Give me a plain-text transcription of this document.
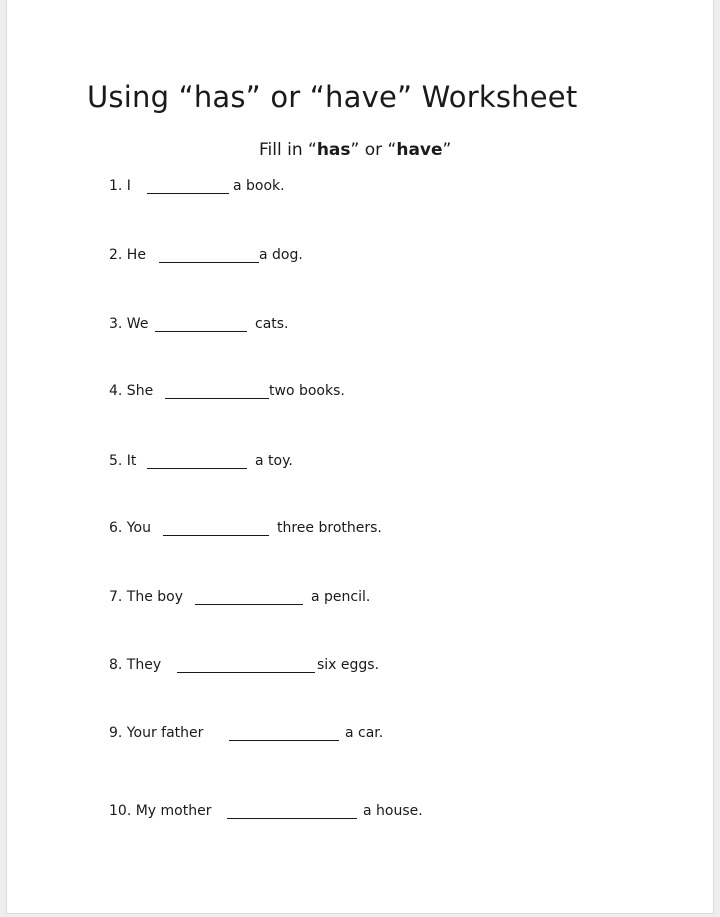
Using “has” or “have” Worksheet
Fill in “has” or “have”
1. I	a book.
2. He	a dog.
3. We	cats.
4. She	two books.
5. It	a toy.
6. You	three brothers.
7. The boy	a pencil.
8. They	six eggs.
9. Your father	a car.
10. My mother	a house.
